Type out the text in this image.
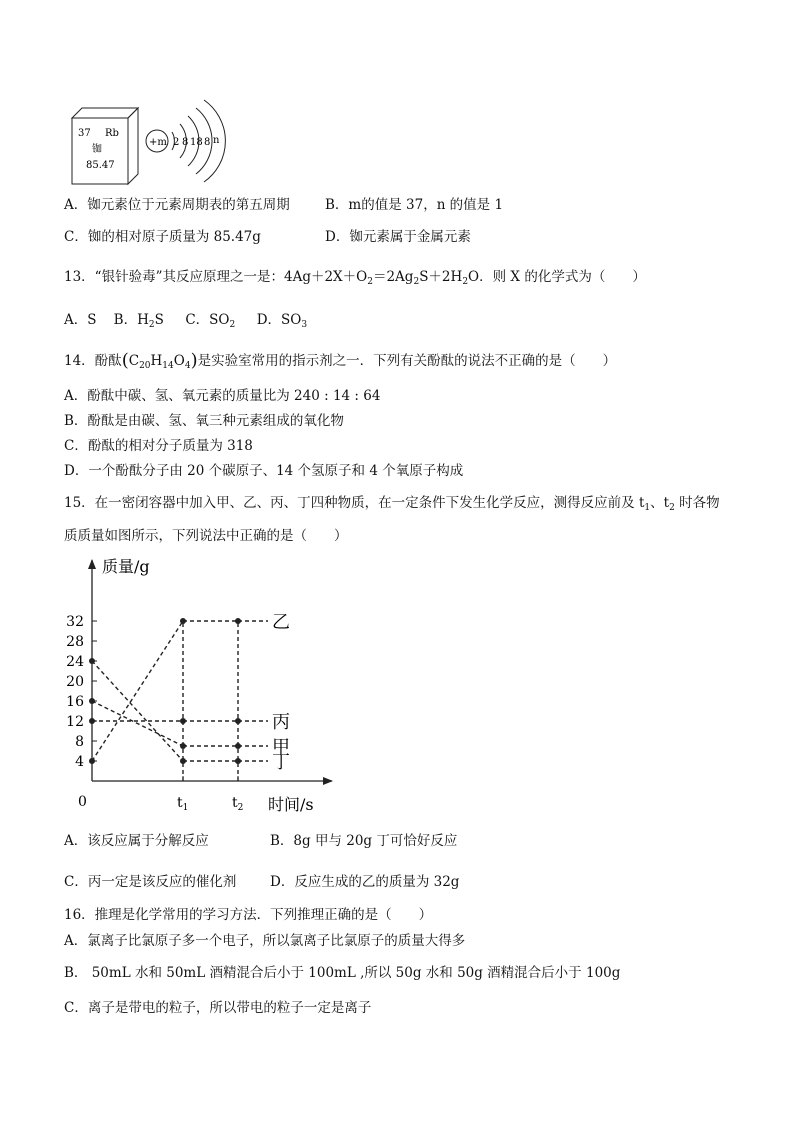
37 Rb
铷
85.47
+m 2 8 18 8 n
A．铷元素位于元素周期表的第五周期	B．m的值是 37，n 的值是 1
C．铷的相对原子质量为 85.47g	D．铷元素属于金属元素
13．“银针验毒”其反应原理之一是：$4Ag+2X+O_2=2Ag_2S+2H_2O$．则 X 的化学式为（　　）
A．S B．$H_2S$ C．$SO_2$ D．$SO_3$
14．酚酞$(C_{20}H_{14}O_4)$是实验室常用的指示剂之一．下列有关酚酞的说法不正确的是（　　）
A．酚酞中碳、氢、氧元素的质量比为 240 : 14 : 64
B．酚酞是由碳、氢、氧三种元素组成的氧化物
C．酚酞的相对分子质量为 318
D．一个酚酞分子由 20 个碳原子、14 个氢原子和 4 个氧原子构成
15．在一密闭容器中加入甲、乙、丙、丁四种物质，在一定条件下发生化学反应，测得反应前及 $t_1$、$t_2$ 时各物
质质量如图所示，下列说法中正确的是（　　）
质量/g
时间/s
0
4
8
12
16
20
24
28
32
$t_1$	$t_2$
乙
丙
甲
丁
A．该反应属于分解反应	B．8g 甲与 20g 丁可恰好反应
C．丙一定是该反应的催化剂 D．反应生成的乙的质量为 32g
16．推理是化学常用的学习方法．下列推理正确的是（　　）
A．氯离子比氯原子多一个电子，所以氯离子比氯原子的质量大得多
B． 50mL 水和 50mL 酒精混合后小于 100mL ,所以 50g 水和 50g 酒精混合后小于 100g
C．离子是带电的粒子，所以带电的粒子一定是离子
